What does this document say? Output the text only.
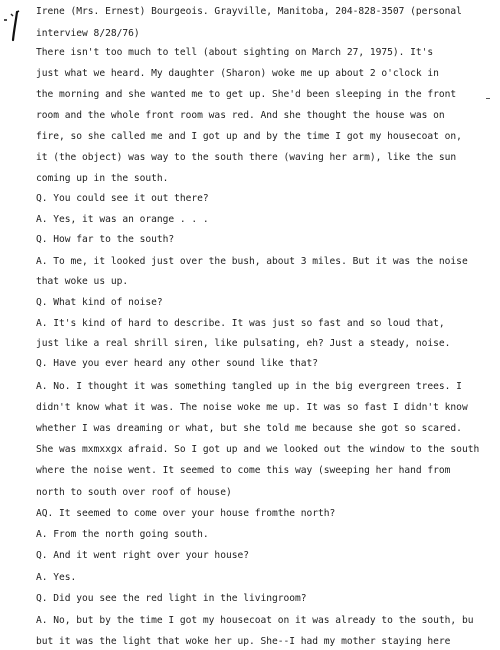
Irene (Mrs. Ernest) Bourgeois. Grayville, Manitoba, 204-828-3507 (personal
interview 8/28/76)
There isn't too much to tell (about sighting on March 27, 1975). It's
just what we heard. My daughter (Sharon) woke me up about 2 o'clock in
the morning and she wanted me to get up. She'd been sleeping in the front
room and the whole front room was red. And she thought the house was on
fire, so she called me and I got up and by the time I got my housecoat on,
it (the object) was way to the south there (waving her arm), like the sun
coming up in the south.
Q. You could see it out there?
A. Yes, it was an orange . . .
Q. How far to the south?
A. To me, it looked just over the bush, about 3 miles. But it was the noise
that woke us up.
Q. What kind of noise?
A. It's kind of hard to describe. It was just so fast and so loud that,
just like a real shrill siren, like pulsating, eh? Just a steady, noise.
Q. Have you ever heard any other sound like that?
A. No. I thought it was something tangled up in the big evergreen trees. I
didn't know what it was. The noise woke me up. It was so fast I didn't know
whether I was dreaming or what, but she told me because she got so scared.
She was mxmxxgx afraid. So I got up and we looked out the window to the south
where the noise went. It seemed to come this way (sweeping her hand from
north to south over roof of house)
AQ. It seemed to come over your house fromthe north?
A. From the north going south.
Q. And it went right over your house?
A. Yes.
Q. Did you see the red light in the livingroom?
A. No, but by the time I got my housecoat on it was already to the south, bu
but it was the light that woke her up. She--I had my mother staying here
